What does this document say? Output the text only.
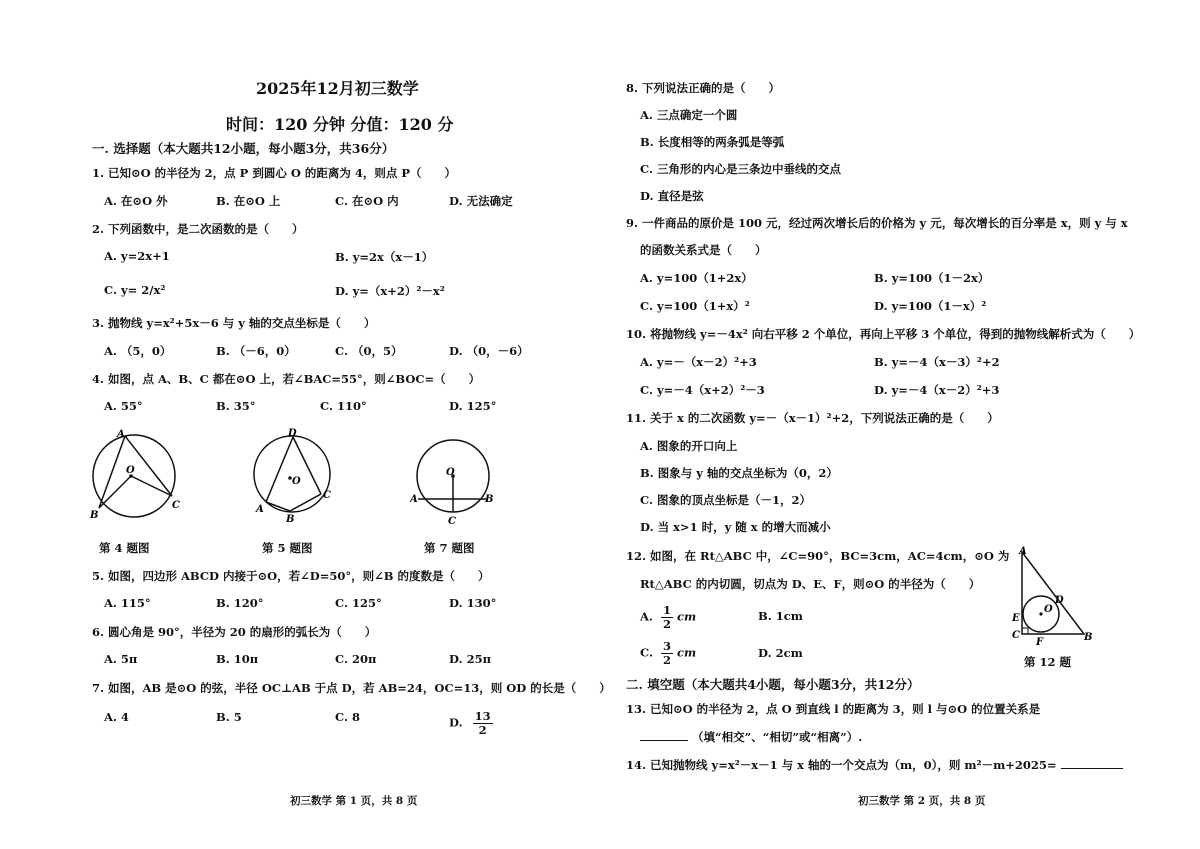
2025年12月初三数学
时间：120 分钟 分值：120 分
一. 选择题（本大题共12小题，每小题3分，共36分）
1. 已知⊙O 的半径为 2，点 P 到圆心 O 的距离为 4，则点 P（　　）
A. 在⊙O 外	B. 在⊙O 上	C. 在⊙O 内	D. 无法确定
2. 下列函数中，是二次函数的是（　　）
A. y=2x+1	B. y=2x（x－1）
C. y= 2/x²	D. y=（x+2）²－x²
3. 抛物线 y=x²+5x－6 与 y 轴的交点坐标是（　　）
A. （5，0）	B. （－6，0）	C. （0，5）	D. （0，－6）
4. 如图，点 A、B、C 都在⊙O 上，若∠BAC=55°，则∠BOC=（　　）
A. 55°	B. 35°	C. 110°	D. 125°
A
O
B
C
第 4 题图
D
O
A
B
C
第 5 题图
O
A	B
C
第 7 题图
5. 如图，四边形 ABCD 内接于⊙O，若∠D=50°，则∠B 的度数是（　　）
A. 115°	B. 120°	C. 125°	D. 130°
6. 圆心角是 90°，半径为 20 的扇形的弧长为（　　）
A. 5π	B. 10π	C. 20π	D. 25π
7. 如图，AB 是⊙O 的弦，半径 OC⊥AB 于点 D，若 AB=24，OC=13，则 OD 的长是（　　）
A. 4	B. 5	C. 8	D. $\frac{13}{2}$
初三数学 第 1 页，共 8 页
8. 下列说法正确的是（　　）
A. 三点确定一个圆
B. 长度相等的两条弧是等弧
C. 三角形的内心是三条边中垂线的交点
D. 直径是弦
9. 一件商品的原价是 100 元，经过两次增长后的价格为 y 元，每次增长的百分率是 x，则 y 与 x
的函数关系式是（　　）
A. y=100（1+2x）	B. y=100（1－2x）
C. y=100（1+x）²	D. y=100（1－x）²
10. 将抛物线 y=－4x² 向右平移 2 个单位，再向上平移 3 个单位，得到的抛物线解析式为（　　）
A. y=－（x－2）²+3	B. y=－4（x－3）²+2
C. y=－4（x+2）²－3	D. y=－4（x－2）²+3
11. 关于 x 的二次函数 y=－（x－1）²+2，下列说法正确的是（　　）
A. 图象的开口向上
B. 图象与 y 轴的交点坐标为（0，2）
C. 图象的顶点坐标是（－1，2）
D. 当 x>1 时，y 随 x 的增大而减小
12. 如图，在 Rt△ABC 中，∠C=90°，BC=3cm，AC=4cm，⊙O 为
Rt△ABC 的内切圆，切点为 D、E、F，则⊙O 的半径为（　　）
A. $\frac{1}{2}$ cm	B. 1cm
C. $\frac{3}{2}$ cm	D. 2cm
A
O
D
E
C
F	B
第 12 题
二. 填空题（本大题共4小题，每小题3分，共12分）
13. 已知⊙O 的半径为 2，点 O 到直线 l 的距离为 3，则 l 与⊙O 的位置关系是
（填“相交”、“相切”或“相离”）.
14. 已知抛物线 y=x²－x－1 与 x 轴的一个交点为（m，0），则 m²－m+2025=
初三数学 第 2 页，共 8 页
